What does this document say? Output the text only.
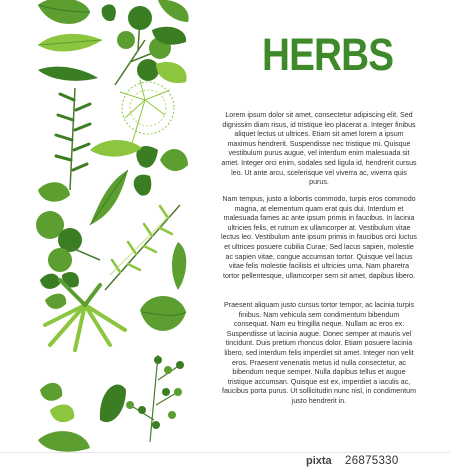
HERBS

Lorem ipsum dolor sit amet, consectetur adipiscing elit. Sed dignissim diam risus, id tristique leo placerat a. Integer finibus aliquet lectus ut ultrices. Etiam sit amet lorem a ipsum maximus hendrerit. Suspendisse nec tristique mi. Quisque vestibulum purus augue, vel interdum enim malesuada sit amet. Integer orci enim, sodales sed ligula id, hendrerit cursus leo. Ut ante arcu, scelerisque vel viverra ac, viverra quis purus.

Nam tempus, justo a lobortis commodo, turpis eros commodo magna, at elementum quam erat quis dui. Interdum et malesuada fames ac ante ipsum primis in faucibus. In lacinia ultricies felis, et rutrum ex ullamcorper at. Vestibulum vitae lectus leo. Vestibulum ante ipsum primis in faucibus orci luctus et ultrices posuere cubilia Curae; Sed lacus sapien, molestie ac sapien vitae, congue accumsan tortor. Quisque vel lacus vitae felis molestie facilisis et ultricies urna. Nam pharetra tortor pellentesque, ullamcorper sem sit amet, dapibus libero.

Praesent aliquam justo cursus tortor tempor, ac lacinia turpis finibus. Nam vehicula sem condimentum bibendum consequat. Nam eu fringilla neque. Nullam ac eros ex. Suspendisse ut lacinia augue. Donec semper at mauris vel tincidunt. Duis pretium rhoncus dolor. Etiam posuere lacinia libero, sed interdum felis imperdiet sit amet. Integer non velit eros. Praesent venenatis metus id nulla consectetur, ac bibendum neque semper. Nulla dapibus tellus et augue tristique accumsan. Quisque est ex, imperdiet a iaculis ac, faucibus porta purus. Ut sollicitudin nunc nisl, in condimentum justo hendrerit in.

pixta 26875330
